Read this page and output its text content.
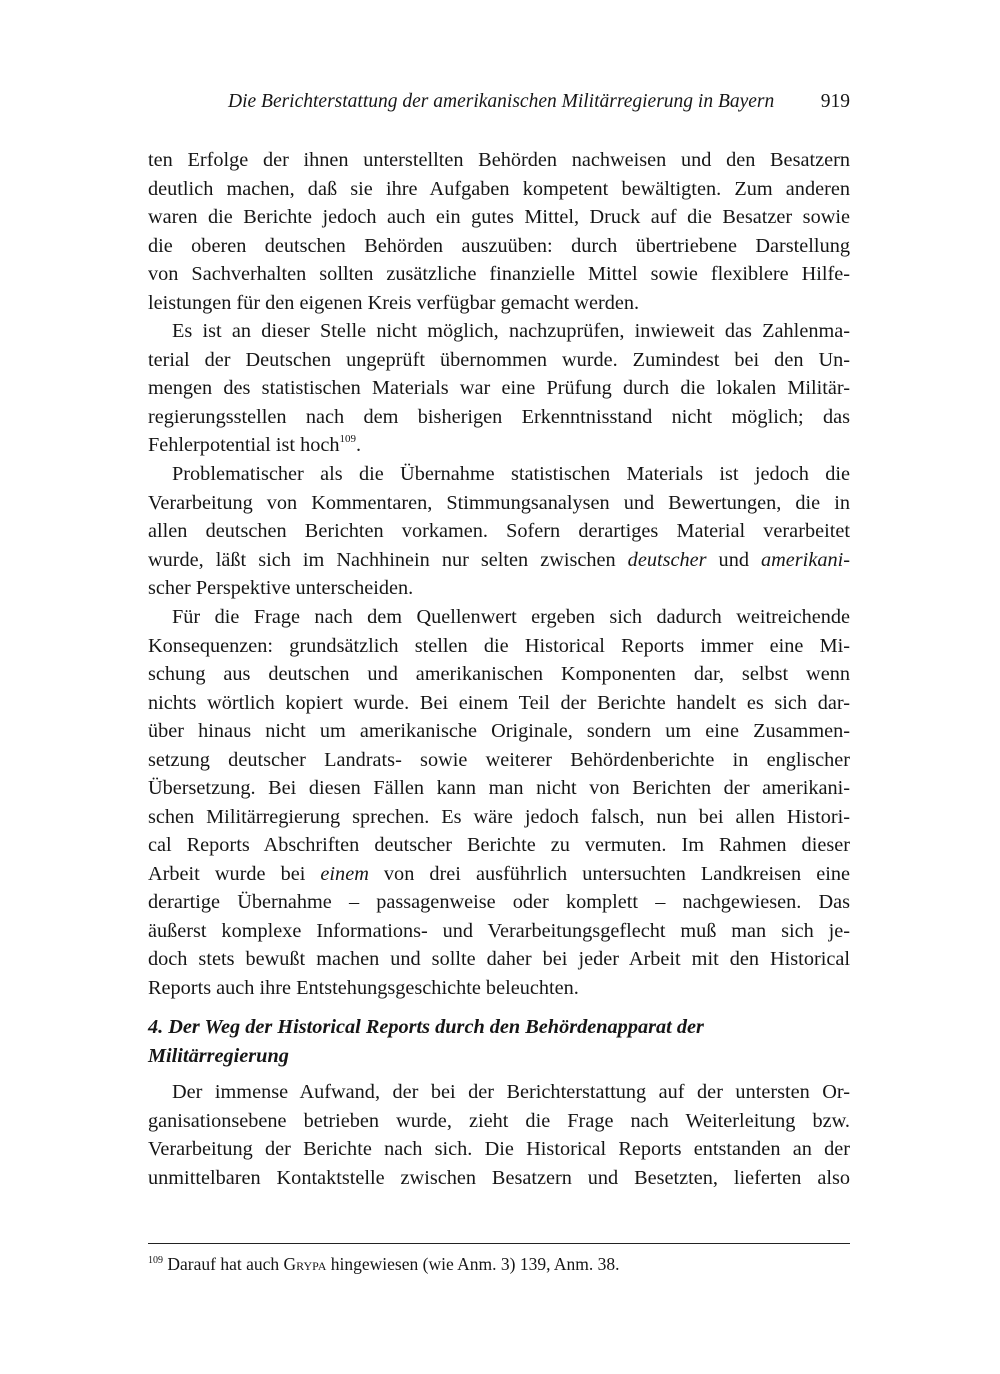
Die Berichterstattung der amerikanischen Militärregierung in Bayern 919

ten Erfolge der ihnen unterstellten Behörden nachweisen und den Besatzern
deutlich machen, daß sie ihre Aufgaben kompetent bewältigten. Zum anderen
waren die Berichte jedoch auch ein gutes Mittel, Druck auf die Besatzer sowie
die oberen deutschen Behörden auszuüben: durch übertriebene Darstellung
von Sachverhalten sollten zusätzliche finanzielle Mittel sowie flexiblere Hilfe-
leistungen für den eigenen Kreis verfügbar gemacht werden.

Es ist an dieser Stelle nicht möglich, nachzuprüfen, inwieweit das Zahlenma-
terial der Deutschen ungeprüft übernommen wurde. Zumindest bei den Un-
mengen des statistischen Materials war eine Prüfung durch die lokalen Militär-
regierungsstellen nach dem bisherigen Erkenntnisstand nicht möglich; das
Fehlerpotential ist hoch$^{109}$.

Problematischer als die Übernahme statistischen Materials ist jedoch die
Verarbeitung von Kommentaren, Stimmungsanalysen und Bewertungen, die in
allen deutschen Berichten vorkamen. Sofern derartiges Material verarbeitet
wurde, läßt sich im Nachhinein nur selten zwischen deutscher und amerikani-
scher Perspektive unterscheiden.

Für die Frage nach dem Quellenwert ergeben sich dadurch weitreichende
Konsequenzen: grundsätzlich stellen die Historical Reports immer eine Mi-
schung aus deutschen und amerikanischen Komponenten dar, selbst wenn
nichts wörtlich kopiert wurde. Bei einem Teil der Berichte handelt es sich dar-
über hinaus nicht um amerikanische Originale, sondern um eine Zusammen-
setzung deutscher Landrats- sowie weiterer Behördenberichte in englischer
Übersetzung. Bei diesen Fällen kann man nicht von Berichten der amerikani-
schen Militärregierung sprechen. Es wäre jedoch falsch, nun bei allen Histori-
cal Reports Abschriften deutscher Berichte zu vermuten. Im Rahmen dieser
Arbeit wurde bei einem von drei ausführlich untersuchten Landkreisen eine
derartige Übernahme – passagenweise oder komplett – nachgewiesen. Das
äußerst komplexe Informations- und Verarbeitungsgeflecht muß man sich je-
doch stets bewußt machen und sollte daher bei jeder Arbeit mit den Historical
Reports auch ihre Entstehungsgeschichte beleuchten.

4. Der Weg der Historical Reports durch den Behördenapparat der
Militärregierung

Der immense Aufwand, der bei der Berichterstattung auf der untersten Or-
ganisationsebene betrieben wurde, zieht die Frage nach Weiterleitung bzw.
Verarbeitung der Berichte nach sich. Die Historical Reports entstanden an der
unmittelbaren Kontaktstelle zwischen Besatzern und Besetzten, lieferten also

$^{109}$ Darauf hat auch Grypa hingewiesen (wie Anm. 3) 139, Anm. 38.
